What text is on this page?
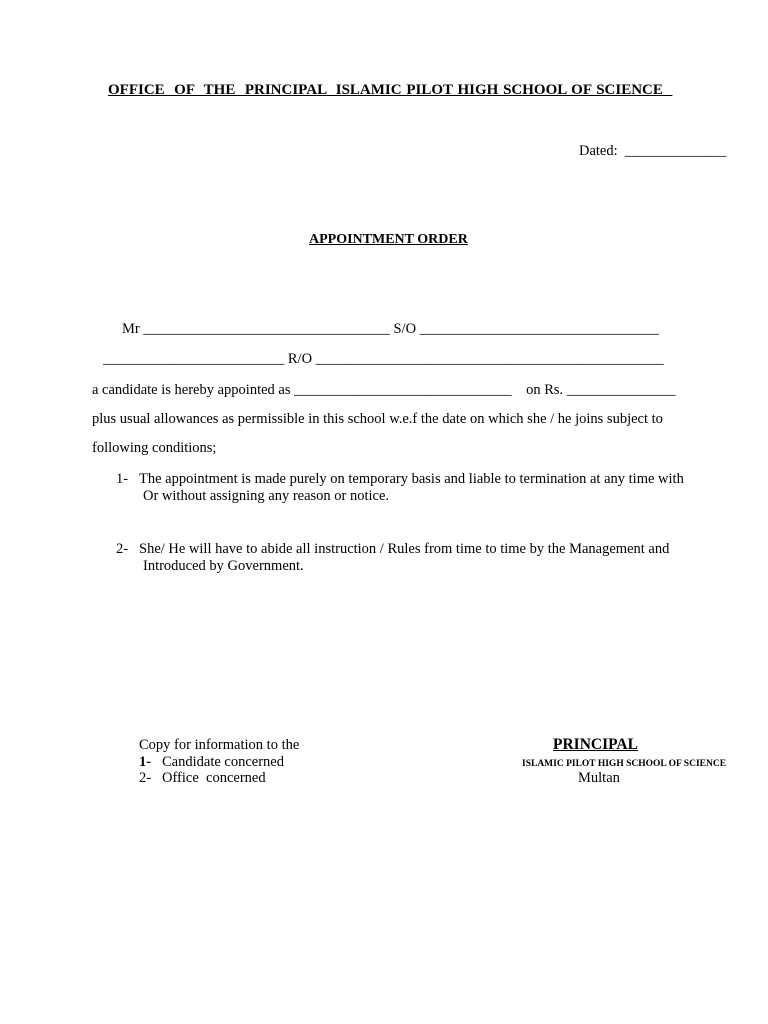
OFFICE  OF  THE  PRINCIPAL  ISLAMIC PILOT HIGH SCHOOL OF SCIENCE
Dated:  ______________
APPOINTMENT ORDER
Mr __________________________________ S/O _________________________________
_________________________ R/O ________________________________________________
a candidate is hereby appointed as ______________________________    on Rs. _______________
plus usual allowances as permissible in this school w.e.f the date on which she / he joins subject to
following conditions;
1- The appointment is made purely on temporary basis and liable to termination at any time with
Or without assigning any reason or notice.
2- She/ He will have to abide all instruction / Rules from time to time by the Management and
Introduced by Government.
Copy for information to the
1- Candidate concerned
2- Office  concerned
PRINCIPAL
ISLAMIC PILOT HIGH SCHOOL OF SCIENCE
Multan
